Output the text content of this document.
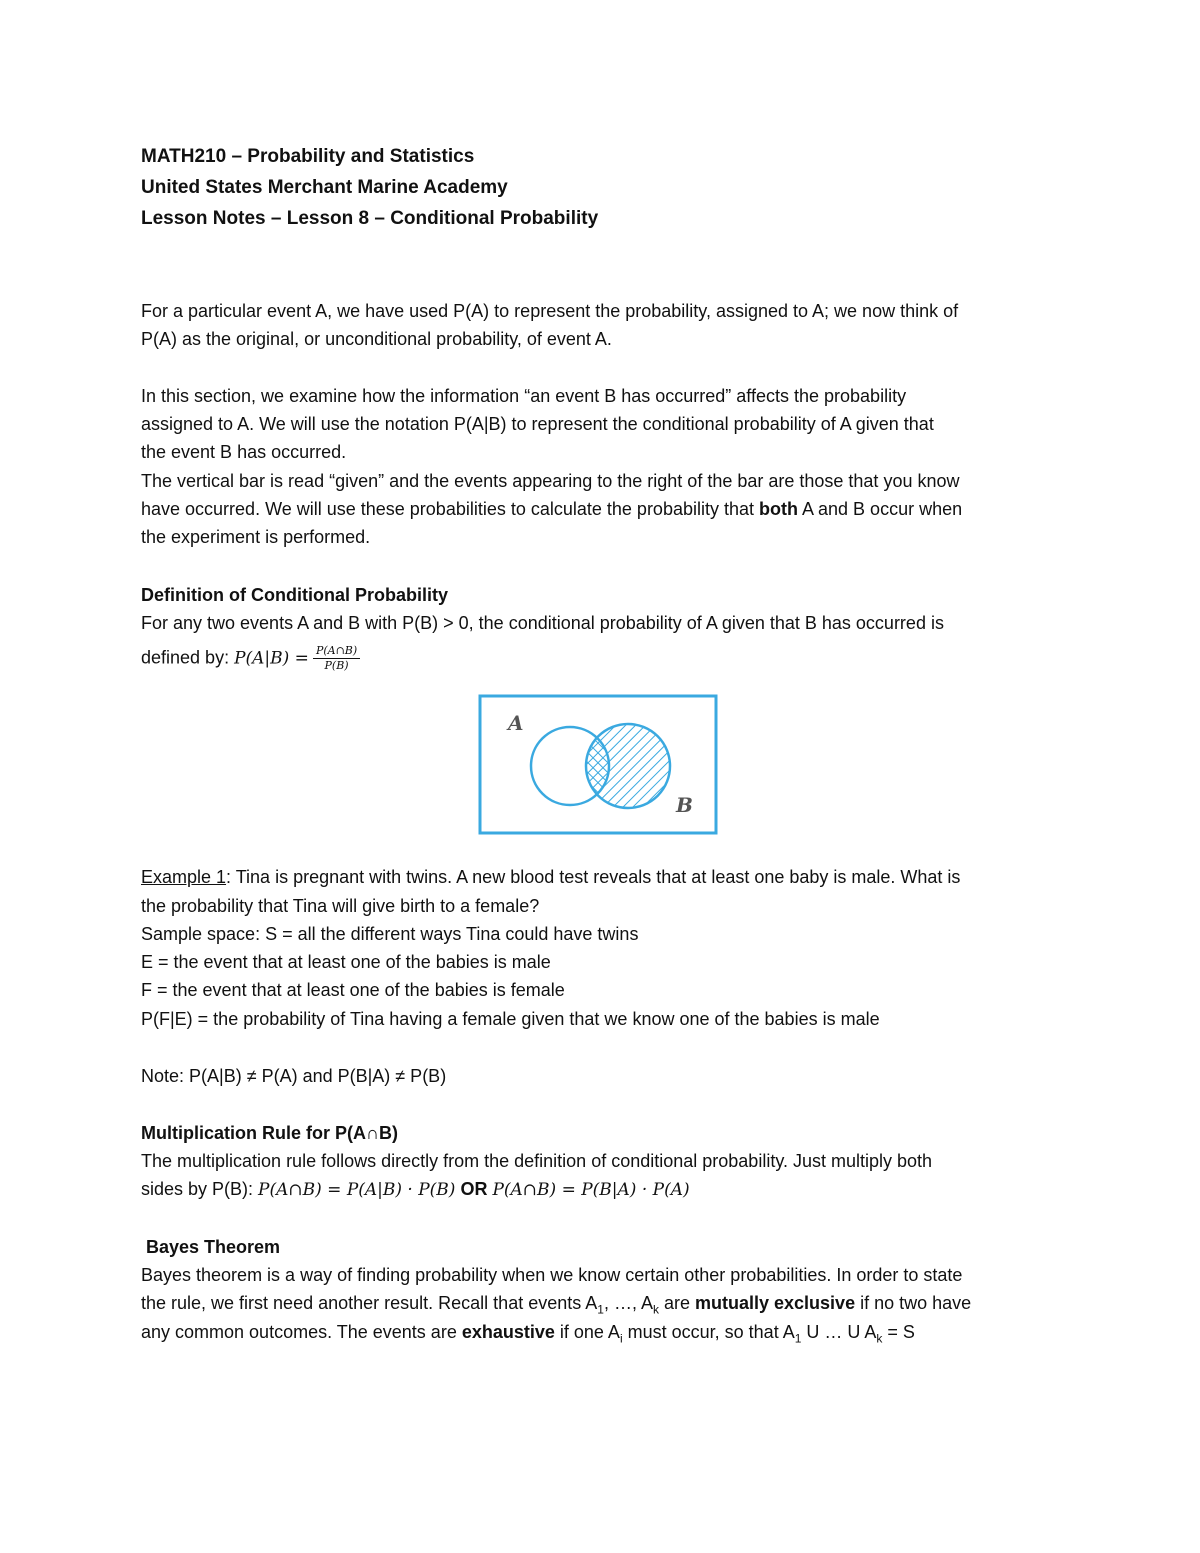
MATH210 – Probability and Statistics
United States Merchant Marine Academy
Lesson Notes – Lesson 8 – Conditional Probability
For a particular event A, we have used P(A) to represent the probability, assigned to A; we now think of
P(A) as the original, or unconditional probability, of event A.
In this section, we examine how the information “an event B has occurred” affects the probability
assigned to A. We will use the notation P(A|B) to represent the conditional probability of A given that
the event B has occurred.
The vertical bar is read “given” and the events appearing to the right of the bar are those that you know
have occurred. We will use these probabilities to calculate the probability that both A and B occur when
the experiment is performed.
Definition of Conditional Probability
For any two events A and B with P(B) > 0, the conditional probability of A given that B has occurred is
defined by: $P(A|B) = \frac{P(A\cap B)}{P(B)}$
A
B
Example 1: Tina is pregnant with twins. A new blood test reveals that at least one baby is male. What is
the probability that Tina will give birth to a female?
Sample space: S = all the different ways Tina could have twins
E = the event that at least one of the babies is male
F = the event that at least one of the babies is female
P(F|E) = the probability of Tina having a female given that we know one of the babies is male
Note: P(A|B) ≠ P(A) and P(B|A) ≠ P(B)
Multiplication Rule for P(A∩B)
The multiplication rule follows directly from the definition of conditional probability. Just multiply both
sides by P(B): P(A∩B) = P(A|B) · P(B) OR P(A∩B) = P(B|A) · P(A)
Bayes Theorem
Bayes theorem is a way of finding probability when we know certain other probabilities. In order to state
the rule, we first need another result. Recall that events $A_1$, …, $A_k$ are mutually exclusive if no two have
any common outcomes. The events are exhaustive if one $A_i$ must occur, so that $A_1$ U … U $A_k = S$
